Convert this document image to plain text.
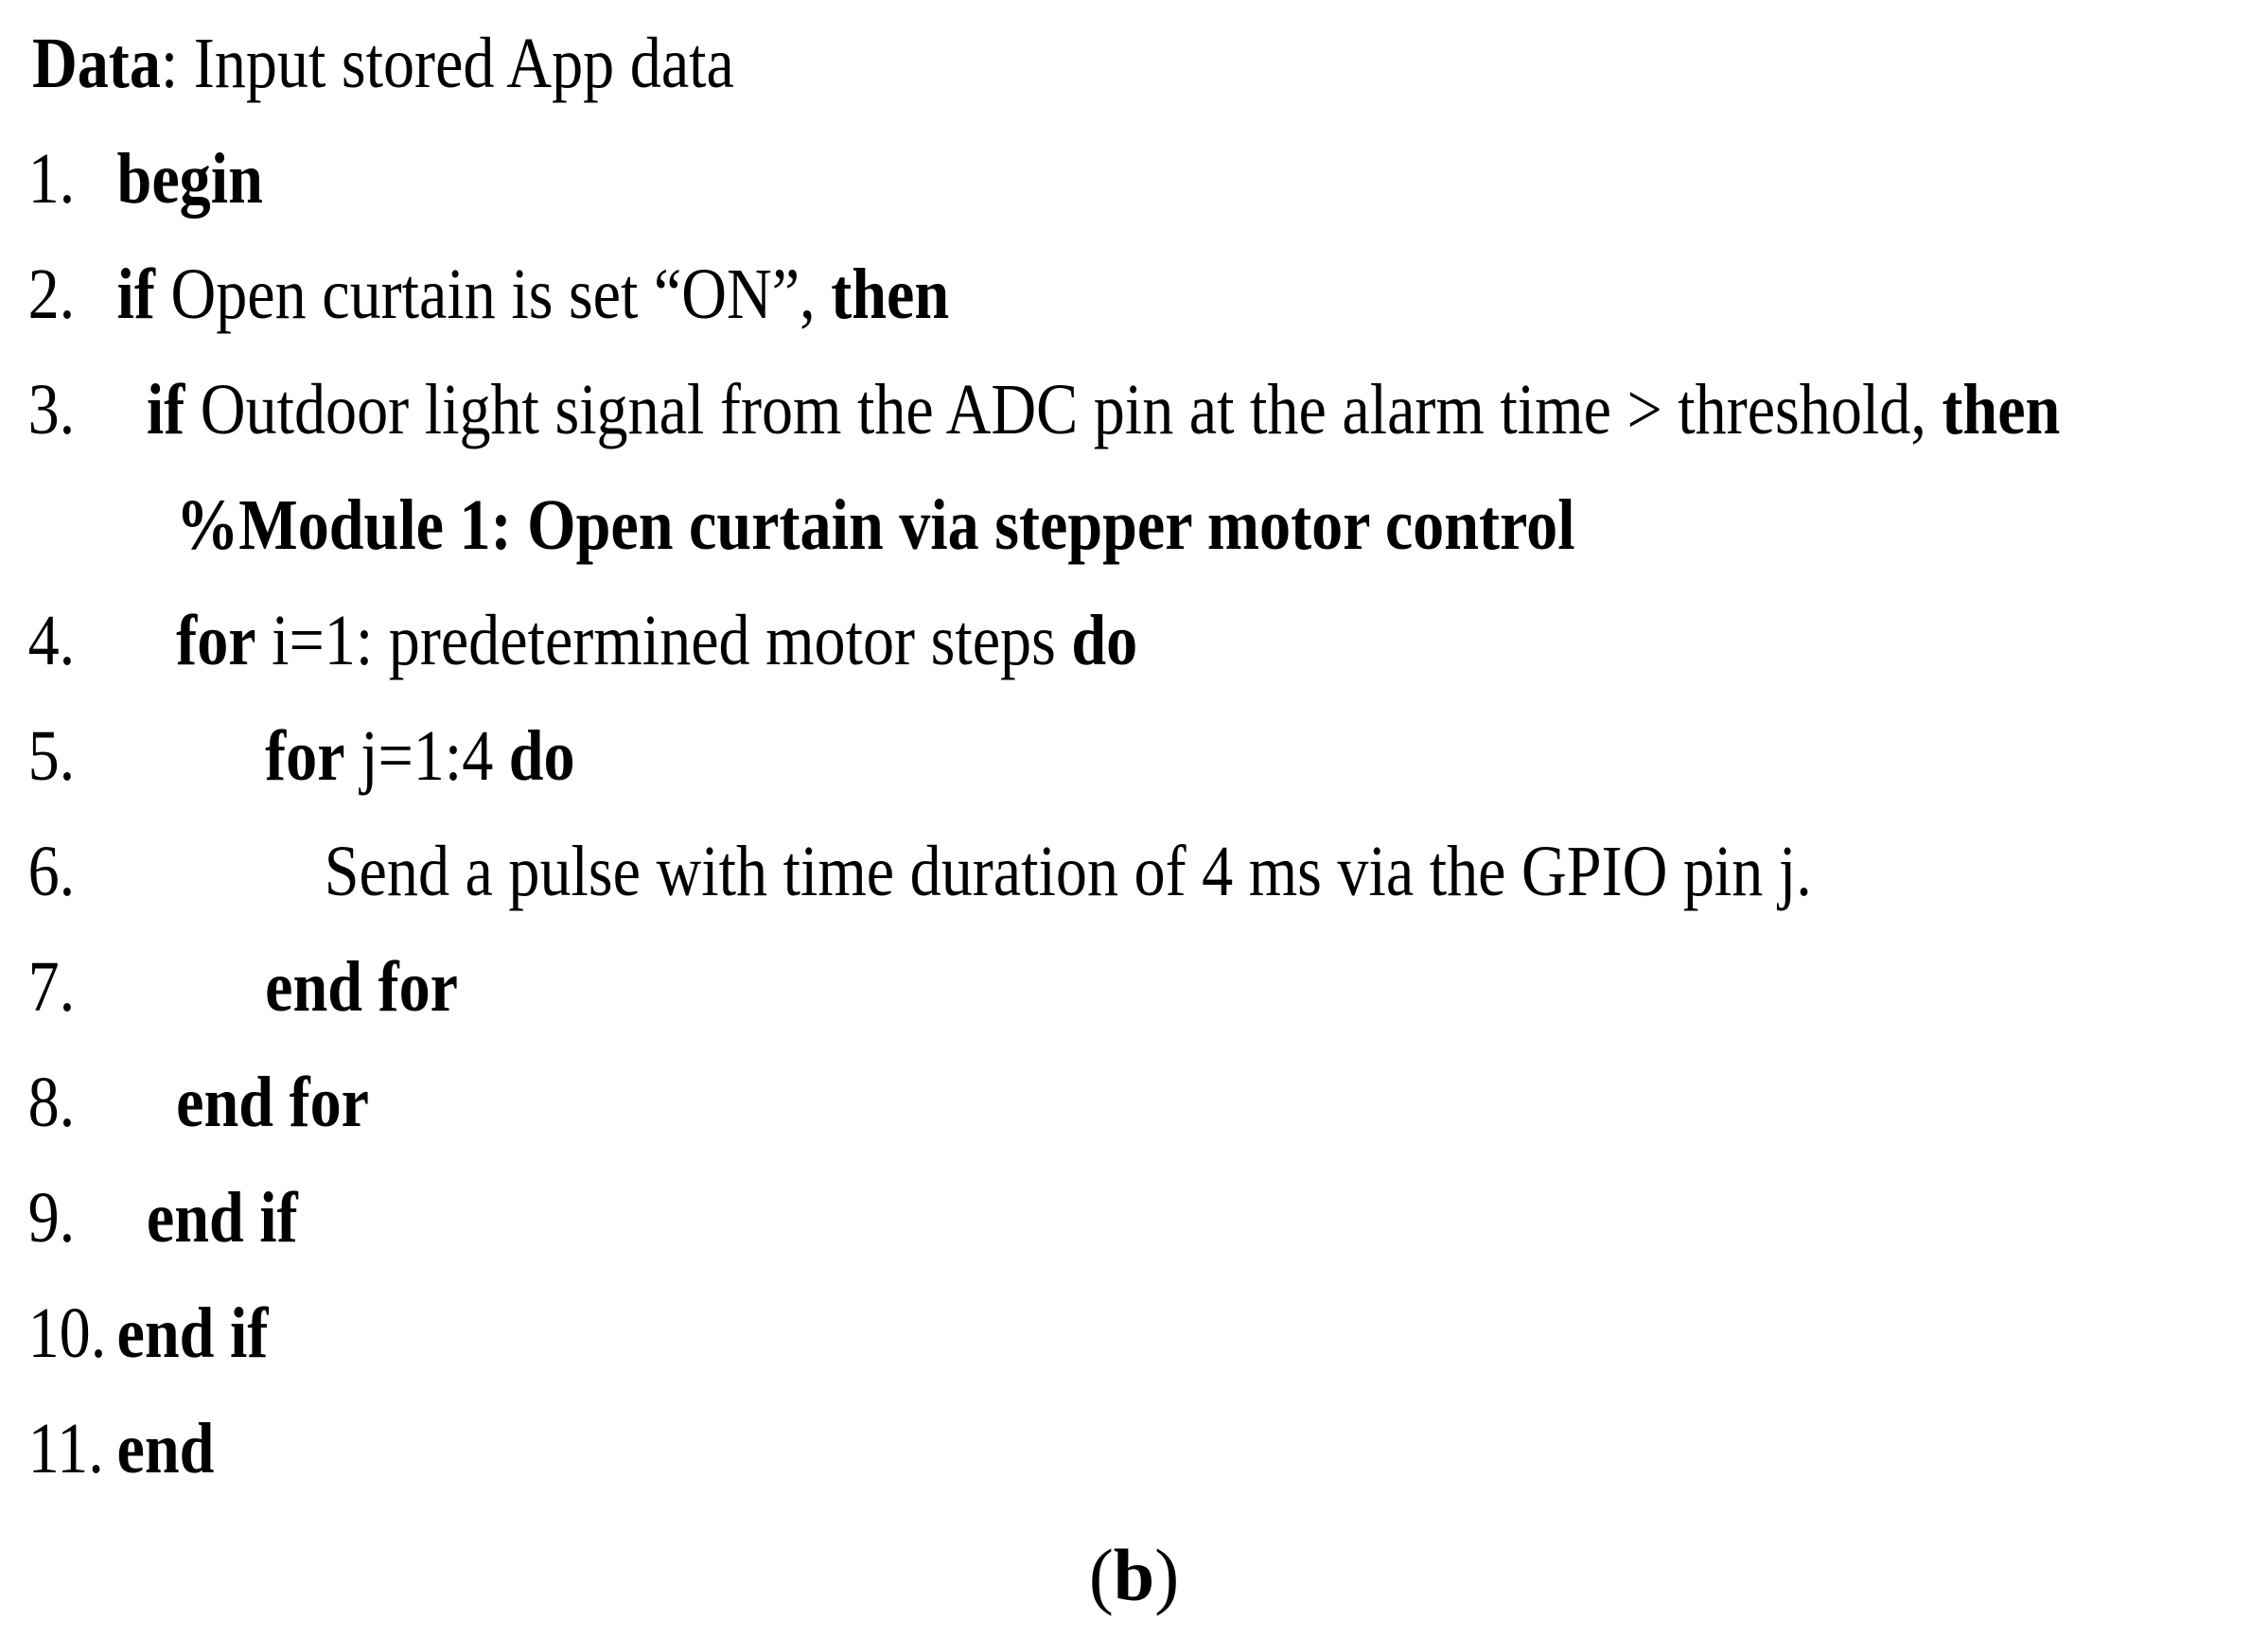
Data: Input stored App data
1. begin
2. if Open curtain is set “ON”, then
3. if Outdoor light signal from the ADC pin at the alarm time > threshold, then
%Module 1: Open curtain via stepper motor control
4. for i=1: predetermined motor steps do
5.	for j=1:4 do
6.	Send a pulse with time duration of 4 ms via the GPIO pin j.
7.	end for
8. end for
9. end if
10. end if
11. end
(b)
